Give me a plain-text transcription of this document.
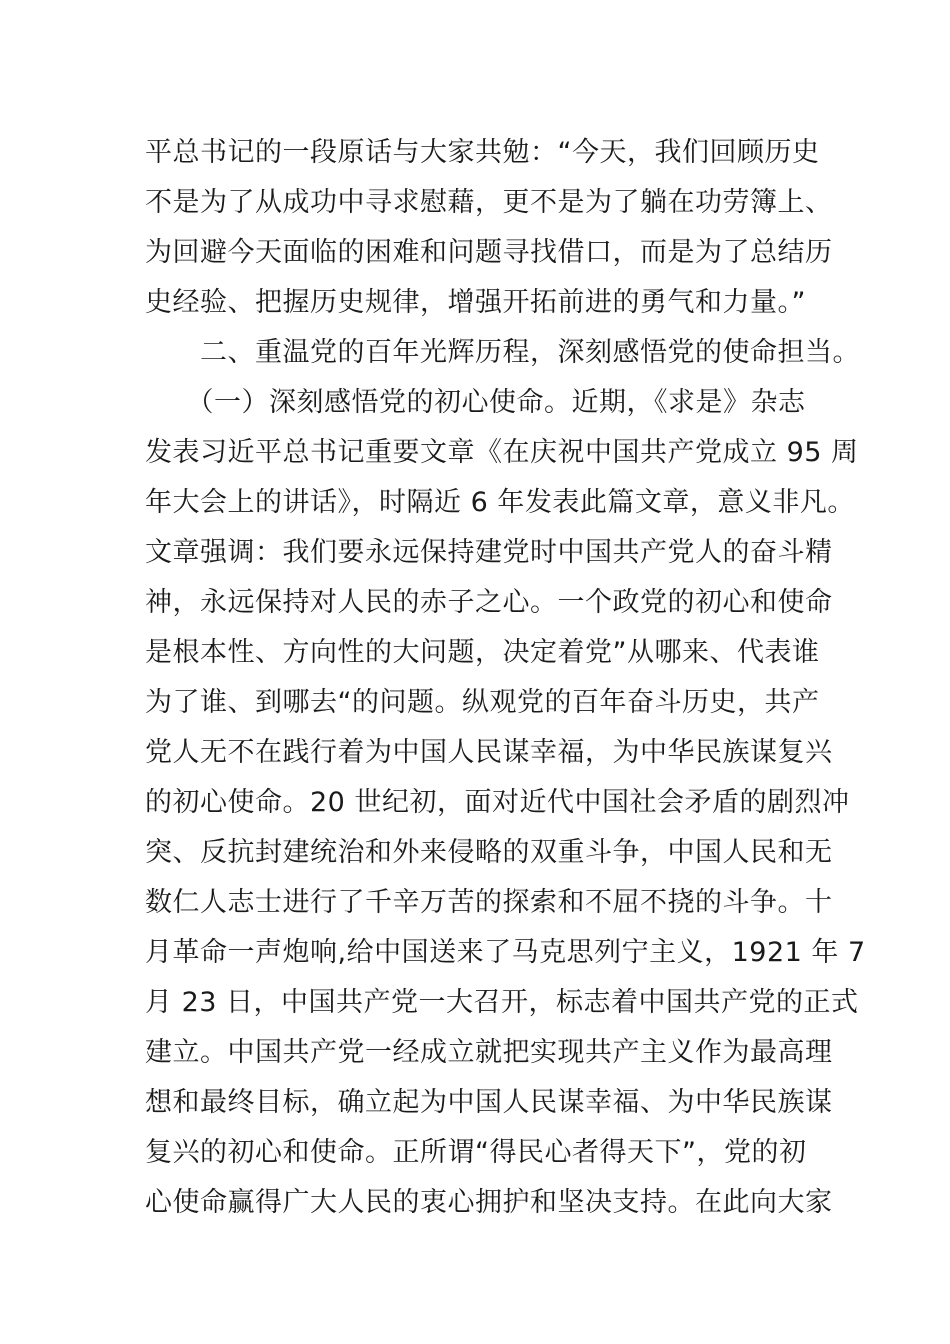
平总书记的一段原话与大家共勉：“今天，我们回顾历史
不是为了从成功中寻求慰藉，更不是为了躺在功劳簿上、
为回避今天面临的困难和问题寻找借口，而是为了总结历
史经验、把握历史规律，增强开拓前进的勇气和力量。”
　　二、重温党的百年光辉历程，深刻感悟党的使命担当。
　　（一）深刻感悟党的初心使命。近期，《求是》杂志
发表习近平总书记重要文章《在庆祝中国共产党成立 95 周
年大会上的讲话》，时隔近 6 年发表此篇文章，意义非凡。
文章强调：我们要永远保持建党时中国共产党人的奋斗精
神，永远保持对人民的赤子之心。一个政党的初心和使命
是根本性、方向性的大问题，决定着党”从哪来、代表谁
为了谁、到哪去“的问题。纵观党的百年奋斗历史，共产
党人无不在践行着为中国人民谋幸福，为中华民族谋复兴
的初心使命。20 世纪初，面对近代中国社会矛盾的剧烈冲
突、反抗封建统治和外来侵略的双重斗争，中国人民和无
数仁人志士进行了千辛万苦的探索和不屈不挠的斗争。十
月革命一声炮响,给中国送来了马克思列宁主义，1921 年 7
月 23 日，中国共产党一大召开，标志着中国共产党的正式
建立。中国共产党一经成立就把实现共产主义作为最高理
想和最终目标，确立起为中国人民谋幸福、为中华民族谋
复兴的初心和使命。正所谓“得民心者得天下”，党的初
心使命赢得广大人民的衷心拥护和坚决支持。在此向大家
